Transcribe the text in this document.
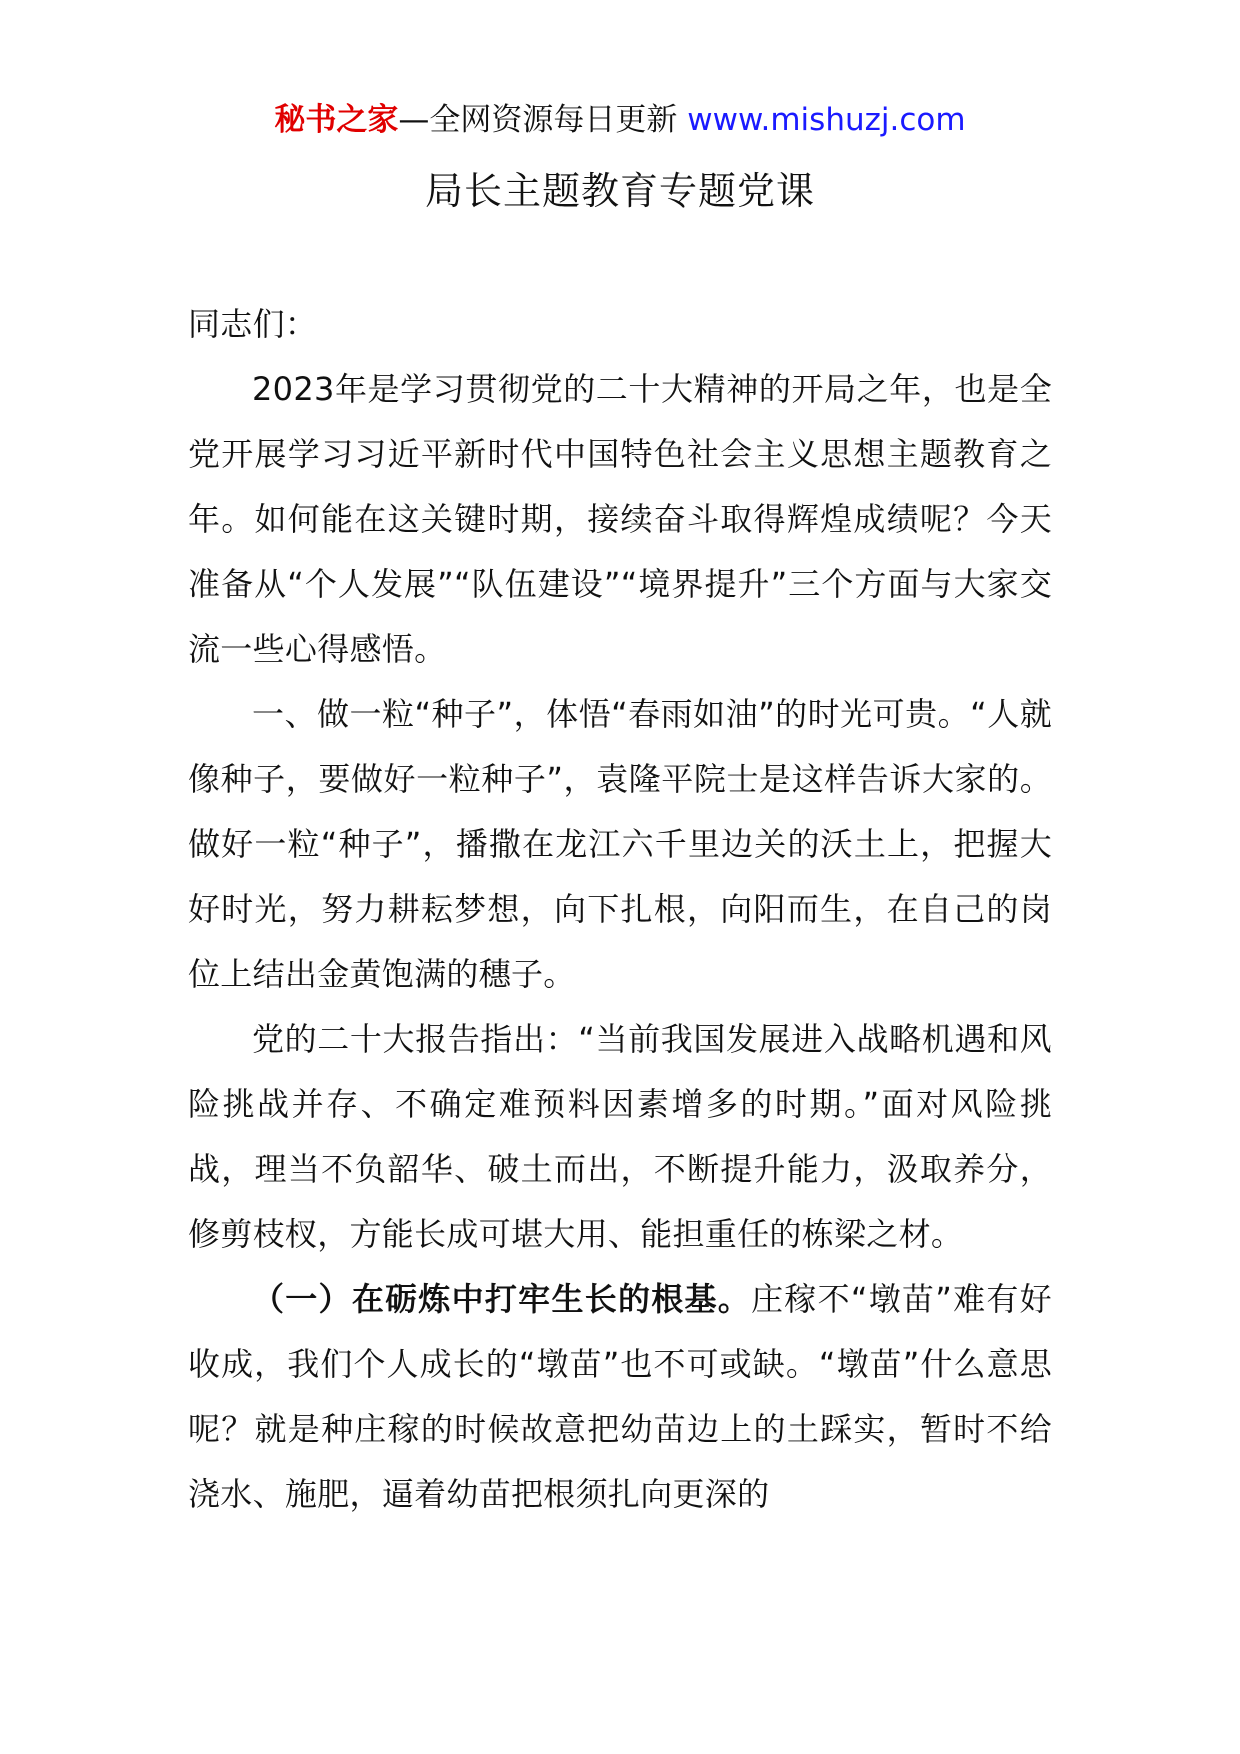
秘书之家—全网资源每日更新 www.mishuzj.com
局长主题教育专题党课

同志们：

2023年是学习贯彻党的二十大精神的开局之年，也是全党开展学习习近平新时代中国特色社会主义思想主题教育之年。如何能在这关键时期，接续奋斗取得辉煌成绩呢？今天准备从“个人发展”“队伍建设”“境界提升”三个方面与大家交流一些心得感悟。

一、做一粒“种子”，体悟“春雨如油”的时光可贵。“人就像种子，要做好一粒种子”，袁隆平院士是这样告诉大家的。做好一粒“种子”，播撒在龙江六千里边关的沃土上，把握大好时光，努力耕耘梦想，向下扎根，向阳而生，在自己的岗位上结出金黄饱满的穗子。

党的二十大报告指出：“当前我国发展进入战略机遇和风险挑战并存、不确定难预料因素增多的时期。”面对风险挑战，理当不负韶华、破土而出，不断提升能力，汲取养分，修剪枝杈，方能长成可堪大用、能担重任的栋梁之材。

（一）在砺炼中打牢生长的根基。庄稼不“墩苗”难有好收成，我们个人成长的“墩苗”也不可或缺。“墩苗”什么意思呢？就是种庄稼的时候故意把幼苗边上的土踩实，暂时不给浇水、施肥，逼着幼苗把根须扎向更深的
